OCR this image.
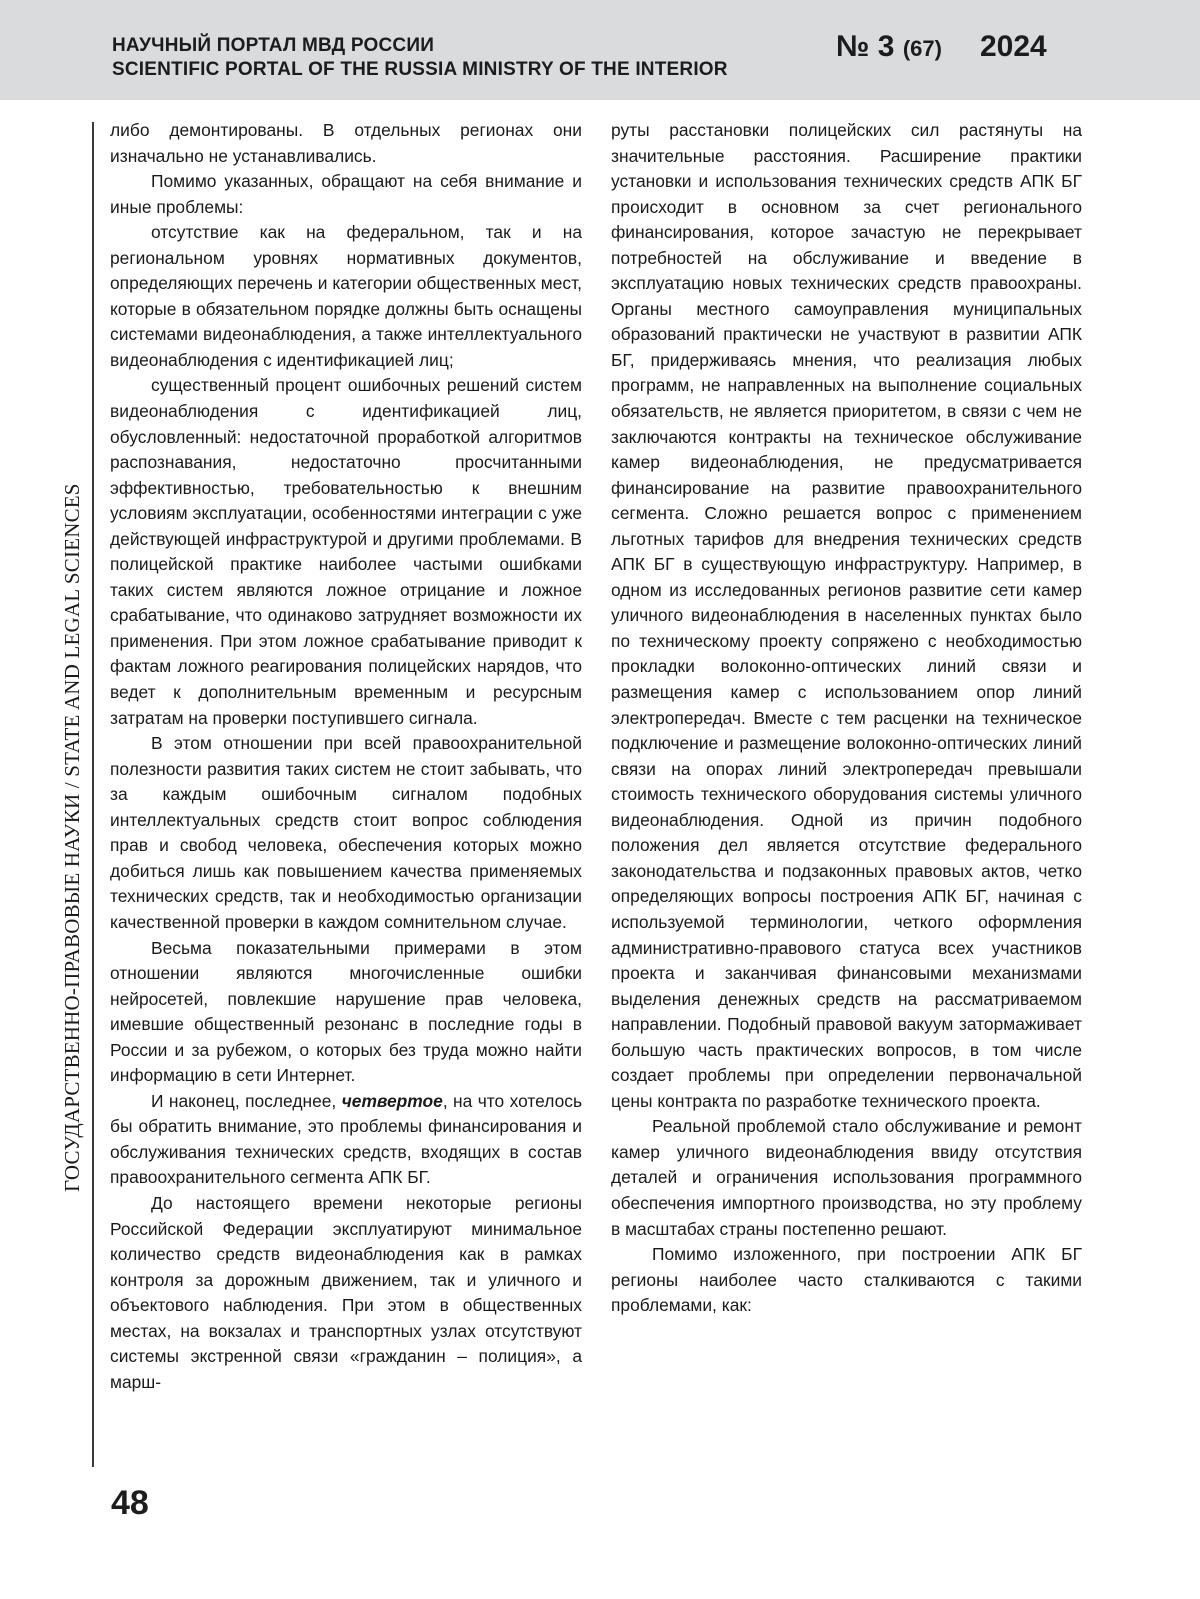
НАУЧНЫЙ ПОРТАЛ МВД РОССИИ
SCIENTIFIC PORTAL OF THE RUSSIA MINISTRY OF THE INTERIOR
№ 3 (67) 2024
ГОСУДАРСТВЕННО-ПРАВОВЫЕ НАУКИ / STATE AND LEGAL SCIENCES

либо демонтированы. В отдельных регионах они изначально не устанавливались.

Помимо указанных, обращают на себя внимание и иные проблемы:

отсутствие как на федеральном, так и на региональном уровнях нормативных документов, определяющих перечень и категории общественных мест, которые в обязательном порядке должны быть оснащены системами видеонаблюдения, а также интеллектуального видеонаблюдения с идентификацией лиц;

существенный процент ошибочных решений систем видеонаблюдения с идентификацией лиц, обусловленный: недостаточной проработкой алгоритмов распознавания, недостаточно просчитанными эффективностью, требовательностью к внешним условиям эксплуатации, особенностями интеграции с уже действующей инфраструктурой и другими проблемами. В полицейской практике наиболее частыми ошибками таких систем являются ложное отрицание и ложное срабатывание, что одинаково затрудняет возможности их применения. При этом ложное срабатывание приводит к фактам ложного реагирования полицейских нарядов, что ведет к дополнительным временным и ресурсным затратам на проверки поступившего сигнала.

В этом отношении при всей правоохранительной полезности развития таких систем не стоит забывать, что за каждым ошибочным сигналом подобных интеллектуальных средств стоит вопрос соблюдения прав и свобод человека, обеспечения которых можно добиться лишь как повышением качества применяемых технических средств, так и необходимостью организации качественной проверки в каждом сомнительном случае.

Весьма показательными примерами в этом отношении являются многочисленные ошибки нейросетей, повлекшие нарушение прав человека, имевшие общественный резонанс в последние годы в России и за рубежом, о которых без труда можно найти информацию в сети Интернет.

И наконец, последнее, четвертое, на что хотелось бы обратить внимание, это проблемы финансирования и обслуживания технических средств, входящих в состав правоохранительного сегмента АПК БГ.

До настоящего времени некоторые регионы Российской Федерации эксплуатируют минимальное количество средств видеонаблюдения как в рамках контроля за дорожным движением, так и уличного и объектового наблюдения. При этом в общественных местах, на вокзалах и транспортных узлах отсутствуют системы экстренной связи «гражданин – полиция», а марш-

руты расстановки полицейских сил растянуты на значительные расстояния. Расширение практики установки и использования технических средств АПК БГ происходит в основном за счет регионального финансирования, которое зачастую не перекрывает потребностей на обслуживание и введение в эксплуатацию новых технических средств правоохраны. Органы местного самоуправления муниципальных образований практически не участвуют в развитии АПК БГ, придерживаясь мнения, что реализация любых программ, не направленных на выполнение социальных обязательств, не является приоритетом, в связи с чем не заключаются контракты на техническое обслуживание камер видеонаблюдения, не предусматривается финансирование на развитие правоохранительного сегмента. Сложно решается вопрос с применением льготных тарифов для внедрения технических средств АПК БГ в существующую инфраструктуру. Например, в одном из исследованных регионов развитие сети камер уличного видеонаблюдения в населенных пунктах было по техническому проекту сопряжено с необходимостью прокладки волоконно-оптических линий связи и размещения камер с использованием опор линий электропередач. Вместе с тем расценки на техническое подключение и размещение волоконно-оптических линий связи на опорах линий электропередач превышали стоимость технического оборудования системы уличного видеонаблюдения. Одной из причин подобного положения дел является отсутствие федерального законодательства и подзаконных правовых актов, четко определяющих вопросы построения АПК БГ, начиная с используемой терминологии, четкого оформления административно-правового статуса всех участников проекта и заканчивая финансовыми механизмами выделения денежных средств на рассматриваемом направлении. Подобный правовой вакуум затормаживает большую часть практических вопросов, в том числе создает проблемы при определении первоначальной цены контракта по разработке технического проекта.

Реальной проблемой стало обслуживание и ремонт камер уличного видеонаблюдения ввиду отсутствия деталей и ограничения использования программного обеспечения импортного производства, но эту проблему в масштабах страны постепенно решают.

Помимо изложенного, при построении АПК БГ регионы наиболее часто сталкиваются с такими проблемами, как:

48
